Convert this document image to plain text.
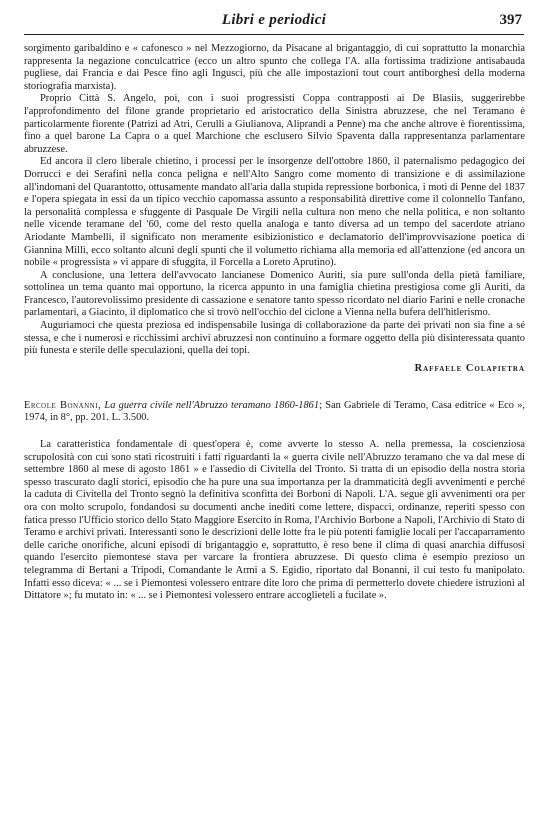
Libri e periodici	397

sorgimento garibaldino e « cafonesco » nel Mezzogiorno, da Pisacane al brigantaggio, di cui soprattutto la monarchia rappresenta la negazione conculcatrice (ecco un altro spunto che collega l'A. alla fortissima tradizione antisabauda pugliese, dai Francia e dai Pesce fino agli Ingusci, più che alle impostazioni tout court antiborghesi della moderna storiografia marxista).

Proprio Città S. Angelo, poi, con i suoi progressisti Coppa contrapposti ai De Blasiis, suggerirebbe l'approfondimento del filone grande proprietario ed aristocratico della Sinistra abruzzese, che nel Teramano è particolarmente fiorente (Patrizi ad Atri, Cerulli a Giulianova, Aliprandi a Penne) ma che anche altrove è fiorentissima, fino a quel barone La Capra o a quel Marchione che esclusero Silvio Spaventa dalla rappresentanza parlamentare abruzzese.

Ed ancora il clero liberale chietino, i processi per le insorgenze dell'ottobre 1860, il paternalismo pedagogico dei Dorrucci e dei Serafini nella conca peligna e nell'Alto Sangro come momento di transizione e di assimilazione all'indomani del Quarantotto, ottusamente mandato all'aria dalla stupida repressione borbonica, i moti di Penne del 1837 e l'opera spiegata in essi da un tipico vecchio capomassa assunto a responsabilità direttive come il colonnello Tanfano, la personalità complessa e sfuggente di Pasquale De Virgili nella cultura non meno che nella politica, e non soltanto nelle vicende teramane del '60, come del resto quella analoga e tanto diversa ad un tempo del sacerdote atriano Ariodante Mambelli, il significato non meramente esibizionistico e declamatorio dell'improvvisazione poetica di Giannina Milli, ecco soltanto alcuni degli spunti che il volumetto richiama alla memoria ed all'attenzione (ed ancora un nobile « progressista » vi appare di sfuggita, il Forcella a Loreto Aprutino).

A conclusione, una lettera dell'avvocato lancianese Domenico Auriti, sia pure sull'onda della pietà familiare, sottolinea un tema quanto mai opportuno, la ricerca appunto in una famiglia chietina prestigiosa come gli Auriti, da Francesco, l'autorevolissimo presidente di cassazione e senatore tanto spesso ricordato nel diario Farini e nelle cronache parlamentari, a Giacinto, il diplomatico che si trovò nell'occhio del ciclone a Vienna nella bufera dell'hitlerismo.

Auguriamoci che questa preziosa ed indispensabile lusinga di collaborazione da parte dei privati non sia fine a sé stessa, e che i numerosi e ricchissimi archivi abruzzesi non continuino a formare oggetto della più disinteressata quanto più funesta e sterile delle speculazioni, quella dei topi.

Raffaele Colapietra
Ercole Bonanni, La guerra civile nell'Abruzzo teramano 1860-1861; San Gabriele di Teramo, Casa editrice « Eco », 1974, in 8°, pp. 201. L. 3.500.

La caratteristica fondamentale di quest'opera è, come avverte lo stesso A. nella premessa, la coscienziosa scrupolosità con cui sono stati ricostruiti i fatti riguardanti la « guerra civile nell'Abruzzo teramano che va dal mese di settembre 1860 al mese di agosto 1861 » e l'assedio di Civitella del Tronto. Si tratta di un episodio della nostra storia spesso trascurato dagli storici, episodio che ha pure una sua importanza per la drammaticità degli avvenimenti e perché la caduta di Civitella del Tronto segnò la definitiva sconfitta dei Borboni di Napoli. L'A. segue gli avvenimenti ora per ora con molto scrupolo, fondandosi su documenti anche inediti come lettere, dispacci, ordinanze, reperiti spesso con fatica presso l'Ufficio storico dello Stato Maggiore Esercito in Roma, l'Archivio Borbone a Napoli, l'Archivio di Stato di Teramo e archivi privati. Interessanti sono le descrizioni delle lotte fra le più potenti famiglie locali per l'accaparramento delle cariche onorifiche, alcuni episodi di brigantaggio e, soprattutto, è reso bene il clima di quasi anarchia diffusosi quando l'esercito piemontese stava per varcare la frontiera abruzzese. Di questo clima è esempio prezioso un telegramma di Bertani a Tripodi, Comandante le Armi a S. Egidio, riportato dal Bonanni, il cui testo fu manipolato. Infatti esso diceva: « ... se i Piemontesi volessero entrare dite loro che prima di permetterlo dovete chiedere istruzioni al Dittatore »; fu mutato in: « ... se i Piemontesi volessero entrare accoglieteli a fucilate ».
